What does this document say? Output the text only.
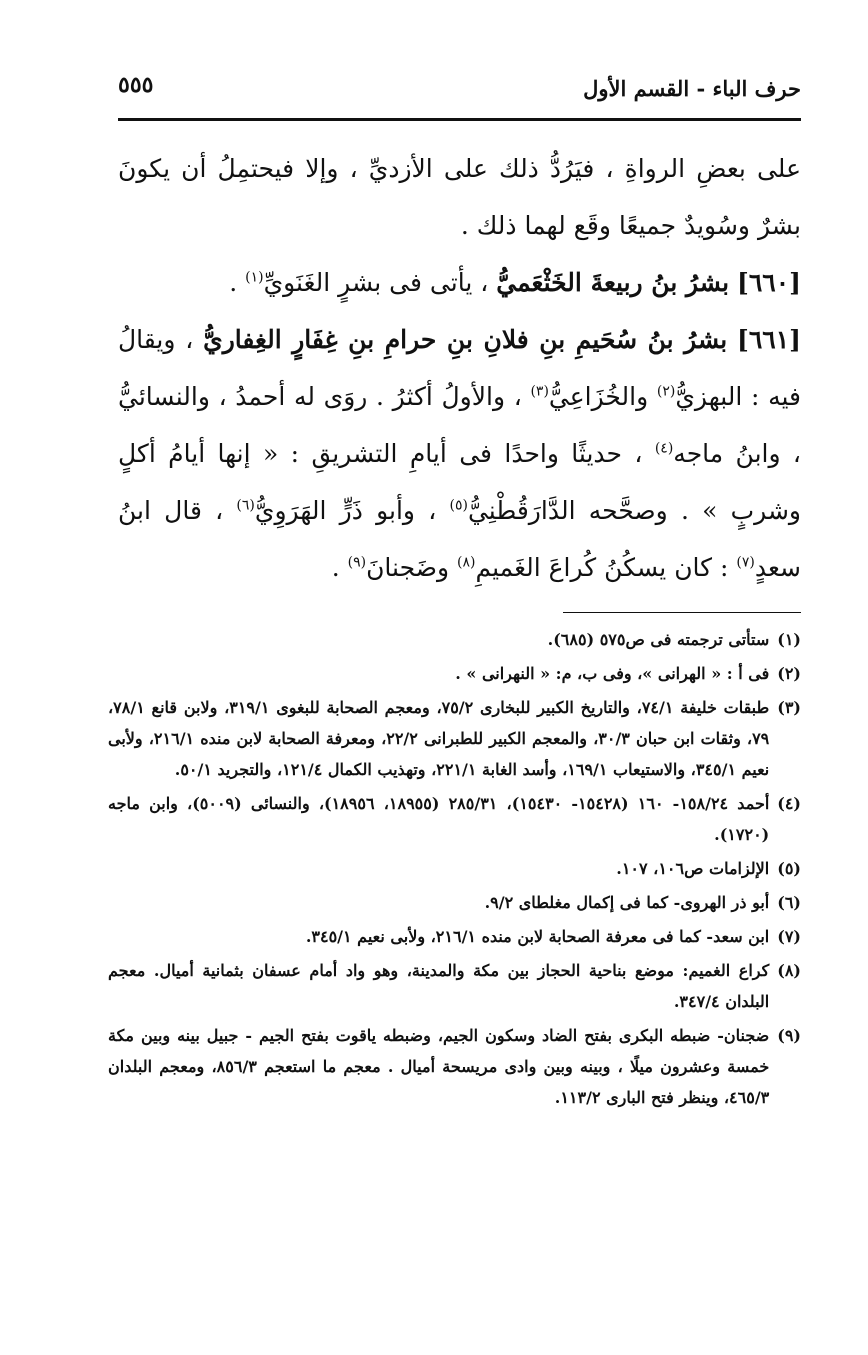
حرف الباء - القسم الأول
٥٥٥

على بعضِ الرواةِ ، فيَرُدُّ ذلك على الأزديِّ ، وإلا فيحتمِلُ أن يكونَ بشرٌ وسُويدٌ جميعًا وقَع لهما ذلك .

[٦٦٠] بشرُ بنُ ربيعةَ الخَثْعَميُّ ، يأتى فى بشرٍ الغَنَويِّ$^{(١)}$ .

[٦٦١] بشرُ بنُ سُحَيمِ بنِ فلانِ بنِ حرامِ بنِ غِفَارٍ الغِفاريُّ ، ويقالُ فيه : البهزيُّ$^{(٢)}$ والخُزَاعِيُّ$^{(٣)}$ ، والأولُ أكثرُ . روَى له أحمدُ ، والنسائيُّ ، وابنُ ماجه$^{(٤)}$ ، حديثًا واحدًا فى أيامِ التشريقِ : « إنها أيامُ أكلٍ وشربٍ » . وصحَّحه الدَّارَقُطْنِيُّ$^{(٥)}$ ، وأبو ذَرٍّ الهَرَوِيُّ$^{(٦)}$ ، قال ابنُ سعدٍ$^{(٧)}$ : كان يسكُنُ كُراعَ الغَميمِ$^{(٨)}$ وضَجنانَ$^{(٩)}$ .

(١)
ستأتى ترجمته فى ص٥٧٥ (٦٨٥).
(٢)
فى أ : « الهرانى »، وفى ب، م: « النهرانى » .
(٣)
طبقات خليفة ٧٤/١، والتاريخ الكبير للبخارى ٧٥/٢، ومعجم الصحابة للبغوى ٣١٩/١، ولابن قانع ٧٨/١، ٧٩، وثقات ابن حبان ٣٠/٣، والمعجم الكبير للطبرانى ٢٢/٢، ومعرفة الصحابة لابن منده ٢١٦/١، ولأبى نعيم ٣٤٥/١، والاستيعاب ١٦٩/١، وأسد الغابة ٢٢١/١، وتهذيب الكمال ١٢١/٤، والتجريد ٥٠/١.
(٤)
أحمد ١٥٨/٢٤- ١٦٠ (١٥٤٢٨- ١٥٤٣٠)، ٢٨٥/٣١ (١٨٩٥٥، ١٨٩٥٦)، والنسائى (٥٠٠٩)، وابن ماجه (١٧٢٠).
(٥)
الإلزامات ص١٠٦، ١٠٧.
(٦)
أبو ذر الهروى- كما فى إكمال مغلطاى ٩/٢.
(٧)
ابن سعد- كما فى معرفة الصحابة لابن منده ٢١٦/١، ولأبى نعيم ٣٤٥/١.
(٨)
كراع الغميم: موضع بناحية الحجاز بين مكة والمدينة، وهو واد أمام عسفان بثمانية أميال. معجم البلدان ٣٤٧/٤.
(٩)
ضجنان- ضبطه البكرى بفتح الضاد وسكون الجيم، وضبطه ياقوت بفتح الجيم - جبيل بينه وبين مكة خمسة وعشرون ميلًا ، وبينه وبين وادى مريسحة أميال . معجم ما استعجم ٨٥٦/٣، ومعجم البلدان ٤٦٥/٣، وينظر فتح البارى ١١٣/٢.
